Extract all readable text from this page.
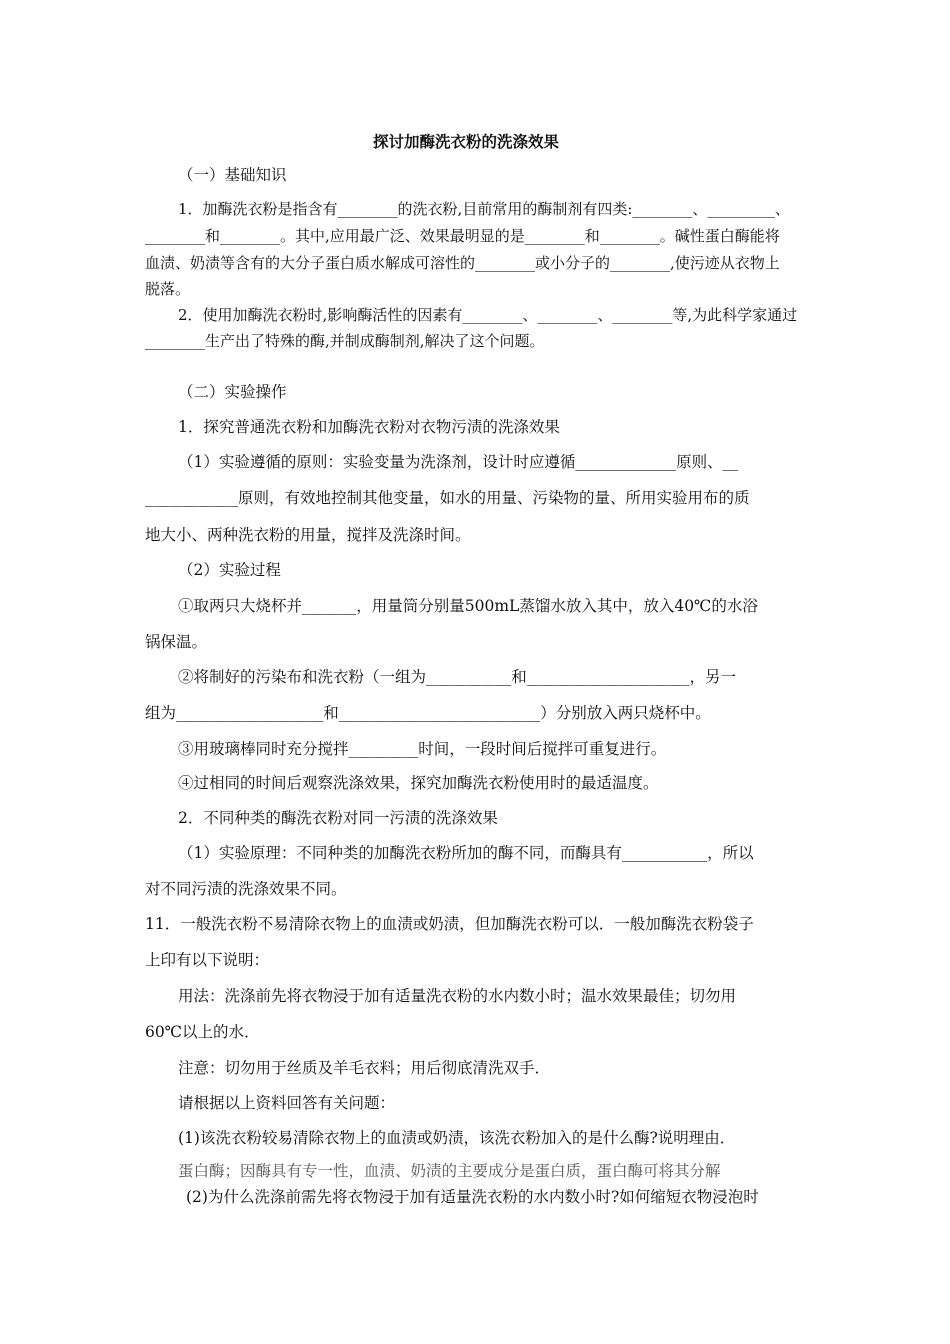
探讨加酶洗衣粉的洗涤效果
（一）基础知识
1．加酶洗衣粉是指含有________的洗衣粉,目前常用的酶制剂有四类:________、_________、
________和________。其中,应用最广泛、效果最明显的是________和________。碱性蛋白酶能将
血渍、奶渍等含有的大分子蛋白质水解成可溶性的________或小分子的________,使污迹从衣物上
脱落。
2．使用加酶洗衣粉时,影响酶活性的因素有________、________、________等,为此科学家通过
________生产出了特殊的酶,并制成酶制剂,解决了这个问题。
（二）实验操作
1．探究普通洗衣粉和加酶洗衣粉对衣物污渍的洗涤效果
（1）实验遵循的原则：实验变量为洗涤剂，设计时应遵循_____________原则、__
____________原则，有效地控制其他变量，如水的用量、污染物的量、所用实验用布的质
地大小、两种洗衣粉的用量，搅拌及洗涤时间。
（2）实验过程
①取两只大烧杯并_______，用量筒分别量500mL蒸馏水放入其中，放入40℃的水浴
锅保温。
②将制好的污染布和洗衣粉（一组为___________和_____________________，另一
组为___________________和__________________________）分别放入两只烧杯中。
③用玻璃棒同时充分搅拌_________时间，一段时间后搅拌可重复进行。
④过相同的时间后观察洗涤效果，探究加酶洗衣粉使用时的最适温度。
2．不同种类的酶洗衣粉对同一污渍的洗涤效果
（1）实验原理：不同种类的加酶洗衣粉所加的酶不同，而酶具有___________，所以
对不同污渍的洗涤效果不同。
11．一般洗衣粉不易清除衣物上的血渍或奶渍，但加酶洗衣粉可以．一般加酶洗衣粉袋子
上印有以下说明：
用法：洗涤前先将衣物浸于加有适量洗衣粉的水内数小时；温水效果最佳；切勿用
60℃以上的水．
注意：切勿用于丝质及羊毛衣料；用后彻底清洗双手．
请根据以上资料回答有关问题：
(1)该洗衣粉较易清除衣物上的血渍或奶渍，该洗衣粉加入的是什么酶?说明理由．
蛋白酶；因酶具有专一性，血渍、奶渍的主要成分是蛋白质，蛋白酶可将其分解
(2)为什么洗涤前需先将衣物浸于加有适量洗衣粉的水内数小时?如何缩短衣物浸泡时
